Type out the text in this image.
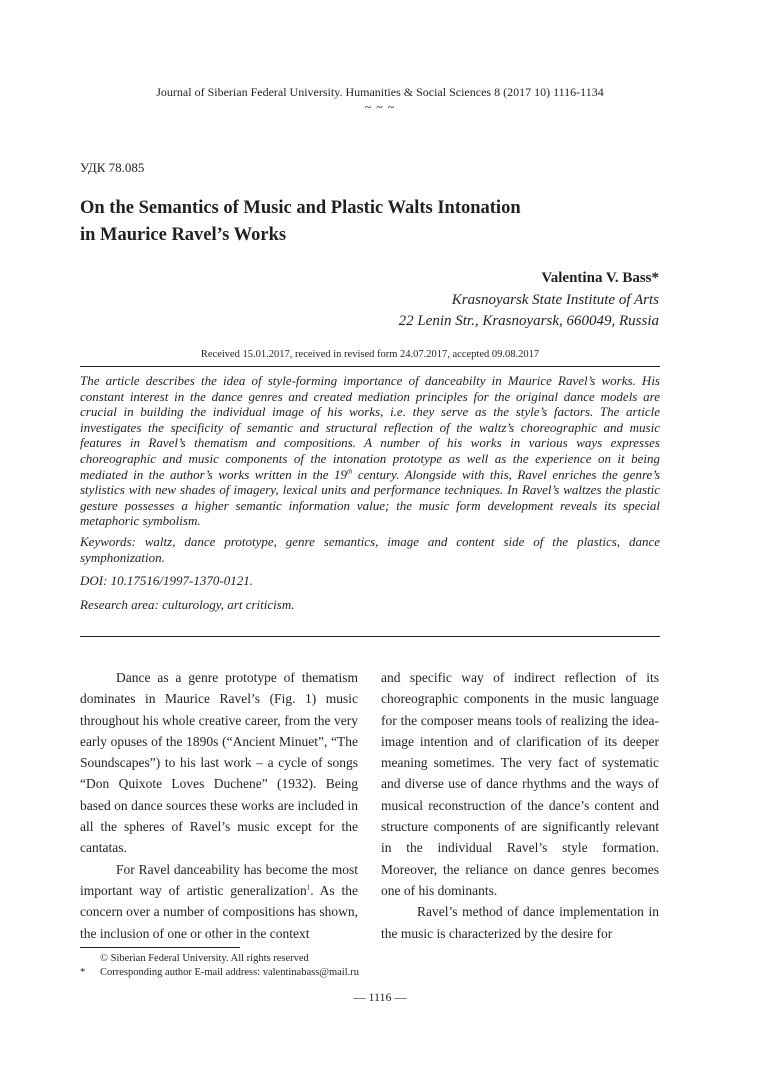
Journal of Siberian Federal University. Humanities & Social Sciences 8 (2017 10) 1116-1134
~ ~ ~
УДК 78.085
On the Semantics of Music and Plastic Walts Intonation
in Maurice Ravel’s Works
Valentina V. Bass*
Krasnoyarsk State Institute of Arts
22 Lenin Str., Krasnoyarsk, 660049, Russia
Received 15.01.2017, received in revised form 24.07.2017, accepted 09.08.2017

The article describes the idea of style-forming importance of danceabilty in Maurice Ravel’s works. His constant interest in the dance genres and created mediation principles for the original dance models are crucial in building the individual image of his works, i.e. they serve as the style’s factors. The article investigates the specificity of semantic and structural reflection of the waltz’s choreographic and music features in Ravel’s thematism and compositions. A number of his works in various ways expresses choreographic and music components of the intonation prototype as well as the experience on it being mediated in the author’s works written in the 19th century. Alongside with this, Ravel enriches the genre’s stylistics with new shades of imagery, lexical units and performance techniques. In Ravel’s waltzes the plastic gesture possesses a higher semantic information value; the music form development reveals its special metaphoric symbolism.

Keywords: waltz, dance prototype, genre semantics, image and content side of the plastics, dance symphonization.

DOI: 10.17516/1997-1370-0121.

Research area: culturology, art criticism.

Dance as a genre prototype of thematism dominates in Maurice Ravel’s (Fig. 1) music throughout his whole creative career, from the very early opuses of the 1890s (“Ancient Minuet”, “The Soundscapes”) to his last work – a cycle of songs “Don Quixote Loves Duchene” (1932). Being based on dance sources these works are included in all the spheres of Ravel’s music except for the cantatas.

For Ravel danceability has become the most important way of artistic generalization$^1$. As the concern over a number of compositions has shown, the inclusion of one or other in the context

and specific way of indirect reflection of its choreographic components in the music language for the composer means tools of realizing the idea-image intention and of clarification of its deeper meaning sometimes. The very fact of systematic and diverse use of dance rhythms and the ways of musical reconstruction of the dance’s content and structure components of are significantly relevant in the individual Ravel’s style formation. Moreover, the reliance on dance genres becomes one of his dominants.

Ravel’s method of dance implementation in the music is characterized by the desire for

© Siberian Federal University. All rights reserved
* Corresponding author E-mail address: valentinabass@mail.ru
— 1116 —
